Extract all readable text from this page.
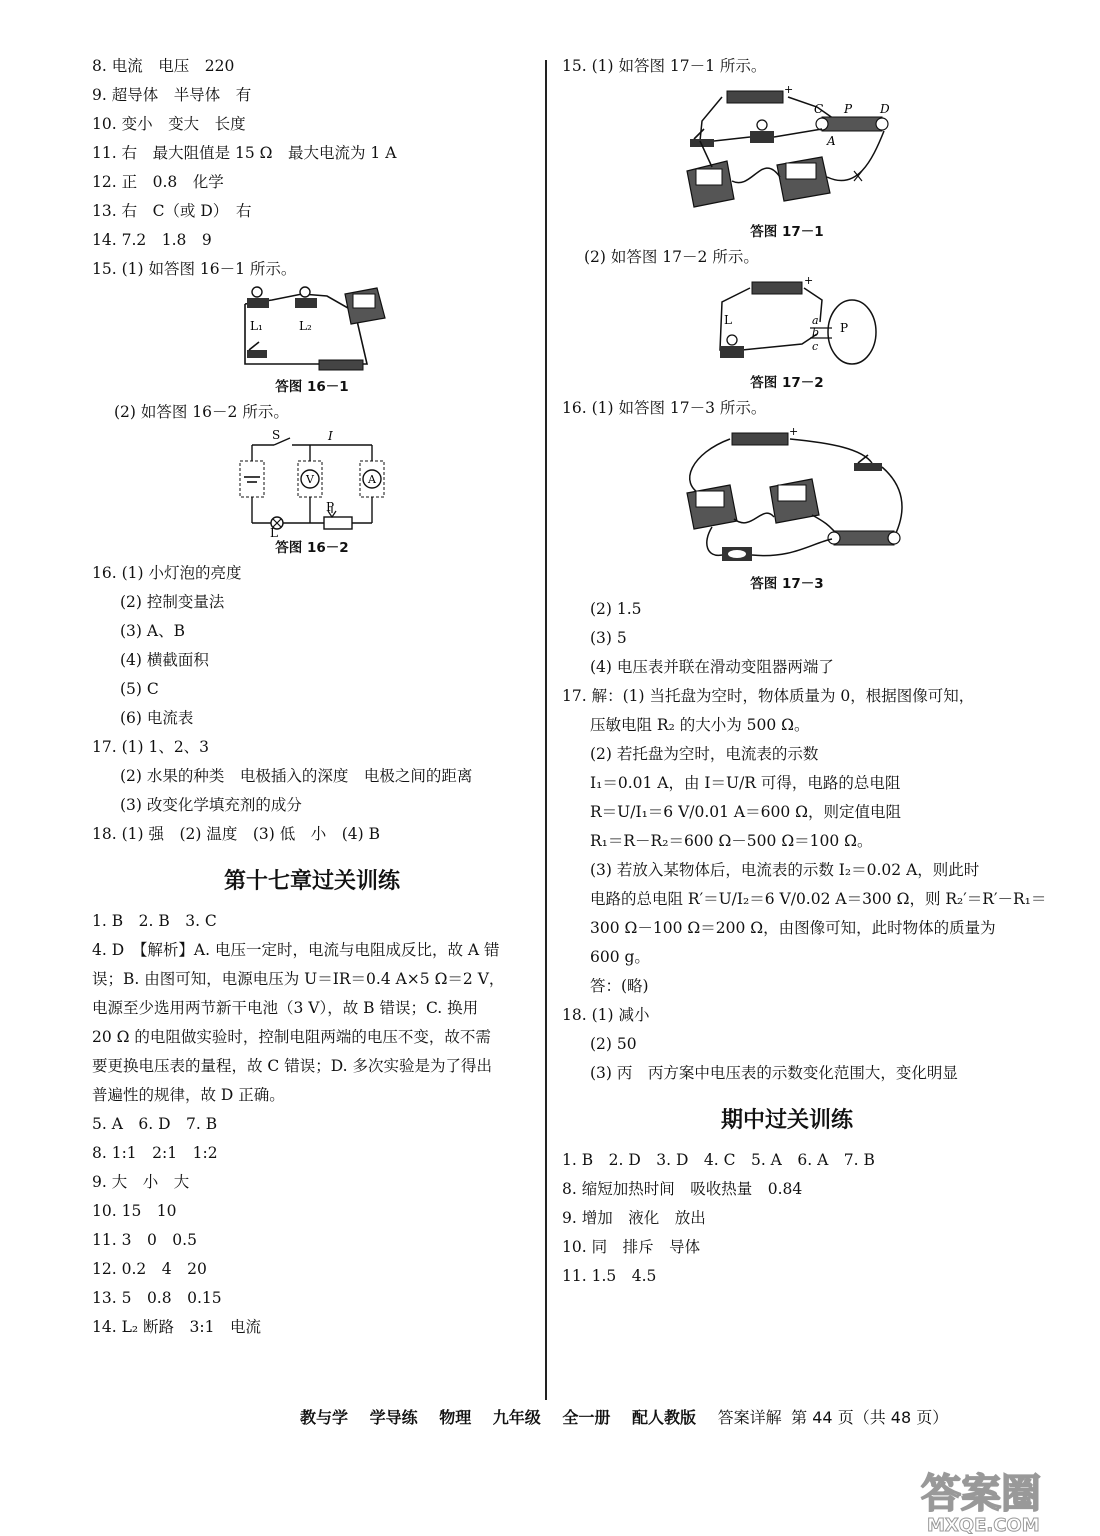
8. 电流　电压　220
9. 超导体　半导体　有
10. 变小　变大　长度
11. 右　最大阻值是 15 Ω　最大电流为 1 A
12. 正　0.8　化学
13. 右　C（或 D）　右
14. 7.2　1.8　9
15. (1) 如答图 16－1 所示。
L₁	L₂
答图 16－1
(2) 如答图 16－2 所示。
V	A
S	I
P
L
答图 16－2
16. (1) 小灯泡的亮度
(2) 控制变量法
(3) A、B
(4) 横截面积
(5) C
(6) 电流表
17. (1) 1、2、3
(2) 水果的种类　电极插入的深度　电极之间的距离
(3) 改变化学填充剂的成分
18. (1) 强　(2) 温度　(3) 低　小　(4) B
第十七章过关训练
1. B　2. B　3. C
4. D　【解析】A. 电压一定时，电流与电阻成反比，故 A 错
误；B. 由图可知，电源电压为 U＝IR＝0.4 A×5 Ω＝2 V，
电源至少选用两节新干电池（3 V），故 B 错误；C. 换用
20 Ω 的电阻做实验时，控制电阻两端的电压不变，故不需
要更换电压表的量程，故 C 错误；D. 多次实验是为了得出
普遍性的规律，故 D 正确。
5. A　6. D　7. B
8. 1:1　2:1　1:2
9. 大　小　大
10. 15　10
11. 3　0　0.5
12. 0.2　4　20
13. 5　0.8　0.15
14. L₂ 断路　3:1　电流
15. (1) 如答图 17－1 所示。
+
C P D
A
答图 17－1
(2) 如答图 17－2 所示。
+
L	a
b
c
P
答图 17－2
16. (1) 如答图 17－3 所示。
+
答图 17－3
(2) 1.5
(3) 5
(4) 电压表并联在滑动变阻器两端了
17. 解：(1) 当托盘为空时，物体质量为 0，根据图像可知，
压敏电阻 R₂ 的大小为 500 Ω。
(2) 若托盘为空时，电流表的示数
I₁＝0.01 A，由 I＝U/R 可得，电路的总电阻
R＝U/I₁＝6 V/0.01 A＝600 Ω，则定值电阻
R₁＝R－R₂＝600 Ω－500 Ω＝100 Ω。
(3) 若放入某物体后，电流表的示数 I₂＝0.02 A，则此时
电路的总电阻 R′＝U/I₂＝6 V/0.02 A＝300 Ω，则 R₂′＝R′－R₁＝
300 Ω－100 Ω＝200 Ω，由图像可知，此时物体的质量为
600 g。
答：(略)
18. (1) 减小
(2) 50
(3) 丙　丙方案中电压表的示数变化范围大，变化明显
期中过关训练
1. B　2. D　3. D　4. C　5. A　6. A　7. B
8. 缩短加热时间　吸收热量　0.84
9. 增加　液化　放出
10. 同　排斥　导体
11. 1.5　4.5
教与学 学导练 物理 九年级 全一册 配人教版 答案详解 第 44 页（共 48 页）
答案圈
MXQE.COM
